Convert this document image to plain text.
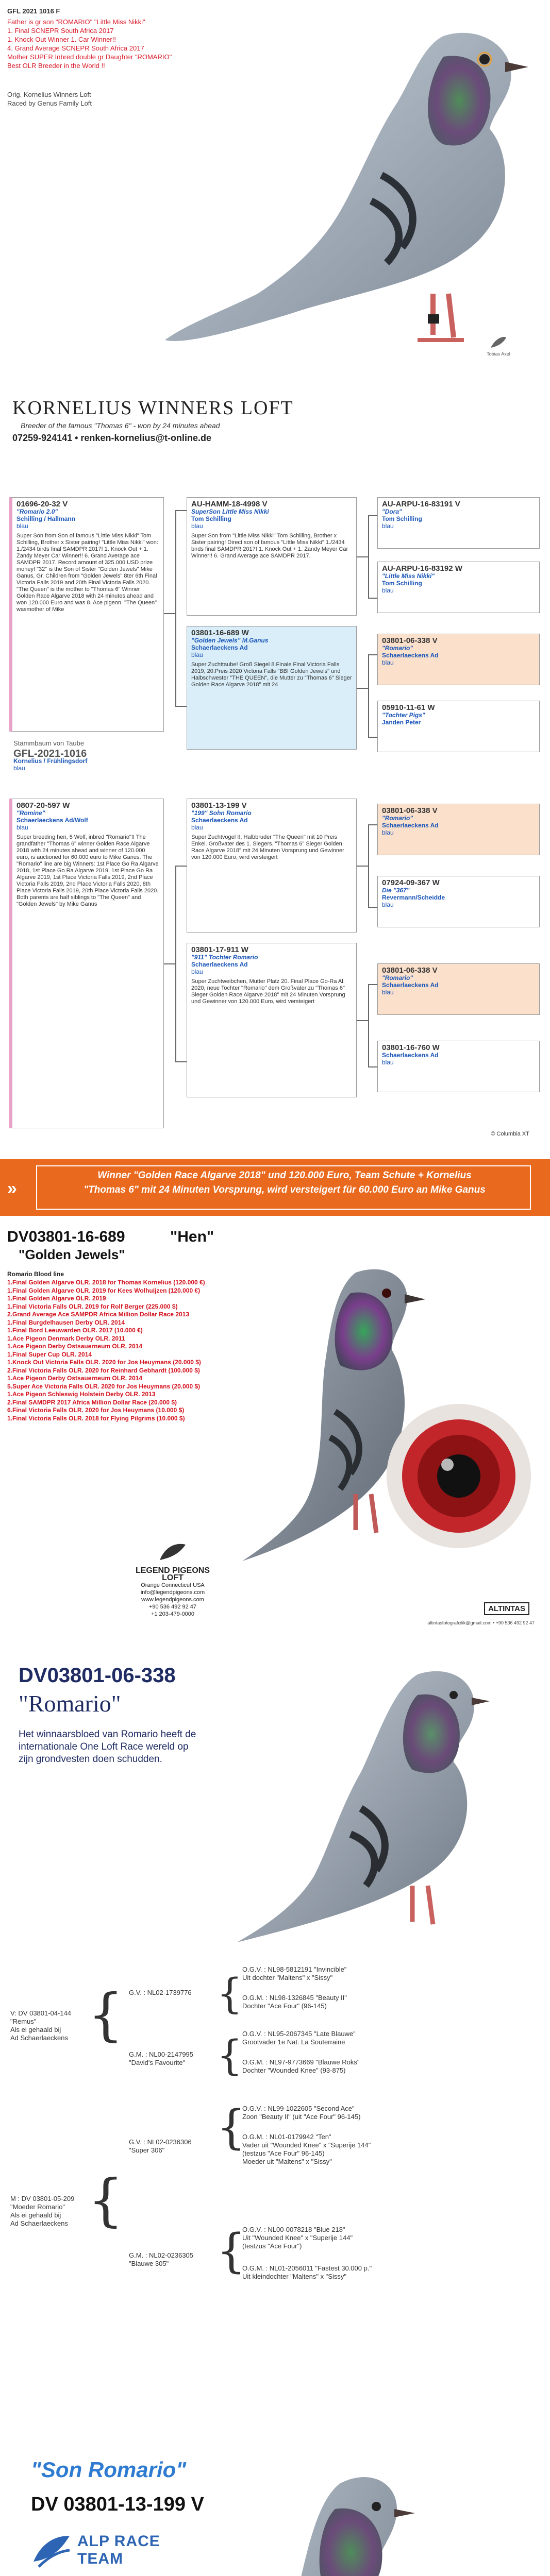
GFL 2021 1016 F
Father is gr son "ROMARIO" "Little Miss Nikki"
1. Final SCNEPR South Africa 2017
1. Knock Out Winner 1. Car Winner!!
4. Grand Average SCNEPR South Africa 2017
Mother SUPER Inbred double gr Daughter "ROMARIO"
Best OLR Breeder in the World !!
Orig. Kornelius Winners Loft
Raced by Genus Family Loft
Tobias Axel
KORNELIUS WINNERS LOFT
Breeder of the famous "Thomas 6" - won by 24 minutes ahead
07259-924141 • renken-kornelius@t-online.de
01696-20-32 V
"Romario 2.0"
Schilling / Hallmann
blau
Super Son from Son of famous "Little Miss Nikki" Tom Schilling, Brother x Sister pairing! "Little Miss Nikki" won: 1./2434 birds final SAMDPR 2017! 1. Knock Out + 1. Zandy Meyer Car Winner!! 6. Grand Average ace SAMDPR 2017. Record amount of 325.000 USD prize money! "32" is the Son of Sister "Golden Jewels" Mike Ganus, Gr. Children from "Golden Jewels" 8ter 6th Final Victoria Falls 2019 and 20th Final Victoria Falls 2020. "The Queen" is the mother to "Thomas 6" Winner Golden Race Algarve 2018 with 24 minutes ahead and won 120.000 Euro and was 8. Ace pigeon. "The Queen" wasmother of Mike
Stammbaum von Taube
GFL-2021-1016
Kornelius / Frühlingsdorf
blau
0807-20-597 W
"Romine"
Schaerlaeckens Ad/Wolf
blau
Super breeding hen, 5 Wolf, inbred "Romario"!! The grandfather "Thomas 6" winner Golden Race Algarve 2018 with 24 minutes ahead and winner of 120.000 euro, is auctioned for 60.000 euro to Mike Ganus. The "Romario" line are big Winners: 1st Place Go Ra Algarve 2018, 1st Place Go Ra Algarve 2019, 1st Place Go Ra Algarve 2019, 1st Place Victoria Falls 2019, 2nd Place Victoria Falls 2019, 2nd Place Victoria Falls 2020, 8th Place Victoria Falls 2019, 20th Place Victoria Falls 2020. Both parents are half siblings to "The Queen" and "Golden Jewels" by Mike Ganus
AU-HAMM-18-4998 V
SuperSon Little Miss Nikki
Tom Schilling
blau
Super Son from "Little Miss Nikki" Tom Schilling, Brother x Sister pairing! Direct son of famous "Little Miss Nikki" 1./2434 birds final SAMDPR 2017! 1. Knock Out + 1. Zandy Meyer Car Winner!! 6. Grand Average ace SAMDPR 2017.
03801-16-689 W
"Golden Jewels" M.Ganus
Schaerlaeckens Ad
blau
Super Zuchttaube! Groß Siegel 8.Finale Final Victoria Falls 2019, 20.Preis 2020 Victoria Falls "BBI Golden Jewels" und Halbschwester "THE QUEEN", die Mutter zu "Thomas 6" Sieger Golden Race Algarve 2018" mit 24
03801-13-199 V
"199" Sohn Romario
Schaerlaeckens Ad
blau
Super Zuchtvogel !!, Halbbruder "The Queen" mit 10 Preis Enkel. Großvater des 1. Siegers. "Thomas 6" Sieger Golden Race Algarve 2018" mit 24 Minuten Vorsprung und Gewinner von 120.000 Euro, wird versteigert
03801-17-911 W
"911" Tochter Romario
Schaerlaeckens Ad
blau
Super Zuchtweibchen, Mutter Platz 20. Final Place Go-Ra Al. 2020, neue Tochter "Romario" dem Großvater zu "Thomas 6" Sieger Golden Race Algarve 2018" mit 24 Minuten Vorsprung und Gewinner von 120.000 Euro, wird versteigert
AU-ARPU-16-83191 V
"Dora"
Tom Schilling
blau
AU-ARPU-16-83192 W
"Little Miss Nikki"
Tom Schilling
blau
03801-06-338 V
"Romario"
Schaerlaeckens Ad
blau
05910-11-61 W
"Tochter Pigs"
Janden Peter
03801-06-338 V
"Romario"
Schaerlaeckens Ad
blau
07924-09-367 W
Die "367"
Revermann/Scheidde
blau
03801-06-338 V
"Romario"
Schaerlaeckens Ad
blau
03801-16-760 W
Schaerlaeckens Ad
blau
© Columbia XT
»
Winner "Golden Race Algarve 2018" und 120.000 Euro, Team Schute + Kornelius
"Thomas 6" mit 24 Minuten Vorsprung, wird versteigert für 60.000 Euro an Mike Ganus
DV03801-16-689	"Hen"
"Golden Jewels"
Romario Blood line
1.Final Golden Algarve OLR. 2018 for Thomas Kornelius (120.000 €)
1.Final Golden Algarve OLR. 2019 for Kees Wolhuijzen (120.000 €)
1.Final Golden Algarve OLR. 2019
1.Final Victoria Falls OLR. 2019 for Rolf Berger (225.000 $)
2.Grand Average Ace SAMPDR Africa Million Dollar Race 2013
1.Final Burgdelhausen Derby OLR. 2014
1.Final Bord Leeuwarden OLR. 2017 (10.000 €)
1.Ace Pigeon Denmark Derby OLR. 2011
1.Ace Pigeon Derby Ostsauerneum OLR. 2014
1.Final Super Cup OLR. 2014
1.Knock Out Victoria Falls OLR. 2020 for Jos Heuymans (20.000 $)
2.Final Victoria Falls OLR. 2020 for Reinhard Gebhardt (100.000 $)
1.Ace Pigeon Derby Ostsauerneum OLR. 2014
5.Super Ace Victoria Falls OLR. 2020 for Jos Heuymans (20.000 $)
1.Ace Pigeon Schleswig Holstein Derby OLR. 2013
2.Final SAMDPR 2017 Africa Million Dollar Race (20.000 $)
6.Final Victoria Falls OLR. 2020 for Jos Heuymans (10.000 $)
1.Final Victoria Falls OLR. 2018 for Flying Pilgrims (10.000 $)
LEGEND PIGEONS LOFT
Orange Connecticut USA
info@legendpigeons.com
www.legendpigeons.com
+90 536 492 92 47
+1 203-479-0000
ALTINTAS
altintasfotografcilik@gmail.com • +90 536 492 92 47
DV03801-06-338
"Romario"
Het winnaarsbloed van Romario heeft de internationale One Loft Race wereld op zijn grondvesten doen schudden.
G.V. : NL02-1739776
G.M. : NL00-2147995
"David's Favourite"
V: DV 03801-04-144
"Remus"
Als ei gehaald bij
Ad Schaerlaeckens { {
{
O.G.V. : NL98-5812191 "Invincible"
Uit dochter "Maltens" x "Sissy"
O.G.M. : NL98-1326845 "Beauty II"
Dochter "Ace Four" (96-145)
O.G.V. : NL95-2067345 "Late Blauwe"
Grootvader 1e Nat. La Souterraine
O.G.M. : NL97-9773669 "Blauwe Roks"
Dochter "Wounded Knee" (93-875)
M : DV 03801-05-209
"Moeder Romario"
Als ei gehaald bij
Ad Schaerlaeckens {
{
{
G.V. : NL02-0236306
"Super 306"
G.M. : NL02-0236305
"Blauwe 305"
O.G.V. : NL99-1022605 "Second Ace"
Zoon "Beauty II" (uit "Ace Four" 96-145)
O.G.M. : NL01-0179942 "Ten"
Vader uit "Wounded Knee" x "Superije 144"
(testzus "Ace Four" 96-145)
Moeder uit "Maltens" x "Sissy"
O.G.V. : NL00-0078218 "Blue 218"
Uit "Wounded Knee" x "Superije 144"
(testzus "Ace Four")
O.G.M. : NL01-2056011 "Fastest 30.000 p."
Uit kleindochter "Maltens" x "Sissy"
"Son Romario"
DV 03801-13-199 V
ALP RACE
TEAM
